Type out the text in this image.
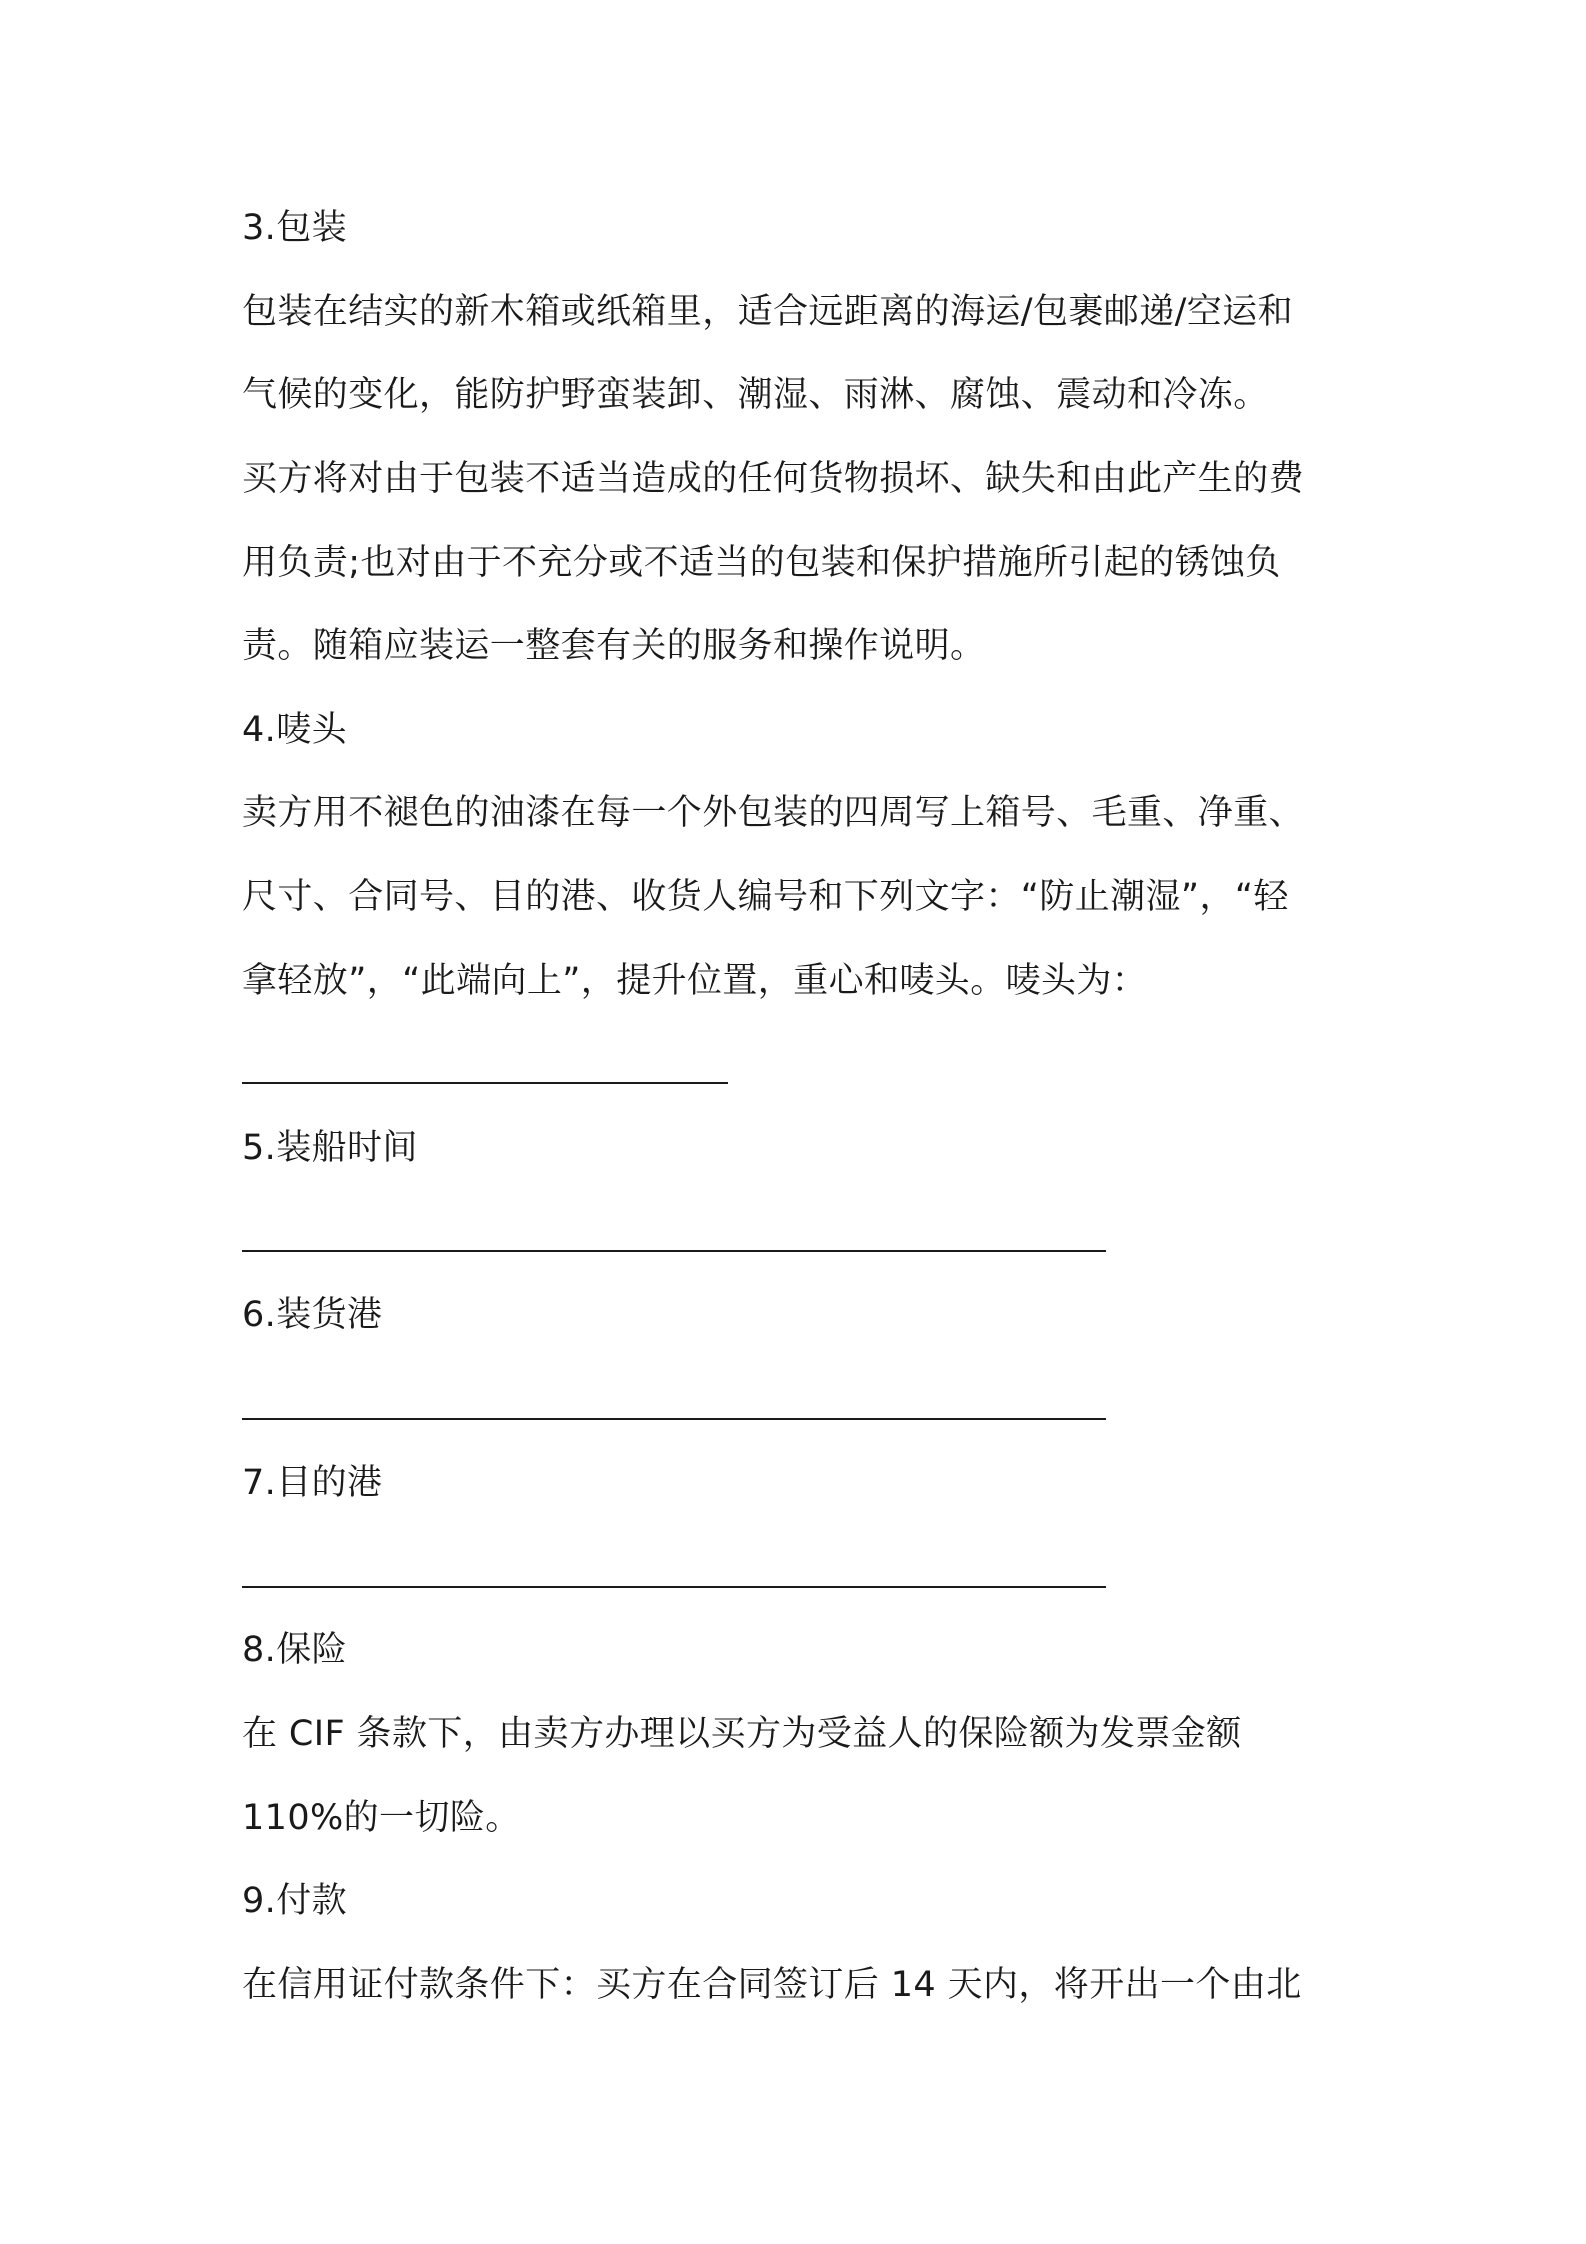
3.包装
包装在结实的新木箱或纸箱里，适合远距离的海运/包裹邮递/空运和
气候的变化，能防护野蛮装卸、潮湿、雨淋、腐蚀、震动和冷冻。
买方将对由于包装不适当造成的任何货物损坏、缺失和由此产生的费
用负责;也对由于不充分或不适当的包装和保护措施所引起的锈蚀负
责。随箱应装运一整套有关的服务和操作说明。
4.唛头
卖方用不褪色的油漆在每一个外包装的四周写上箱号、毛重、净重、
尺寸、合同号、目的港、收货人编号和下列文字：“防止潮湿”，“轻
拿轻放”，“此端向上”，提升位置，重心和唛头。唛头为：
5.装船时间
6.装货港
7.目的港
8.保险
在 CIF 条款下，由卖方办理以买方为受益人的保险额为发票金额
110%的一切险。
9.付款
在信用证付款条件下：买方在合同签订后 14 天内，将开出一个由北
